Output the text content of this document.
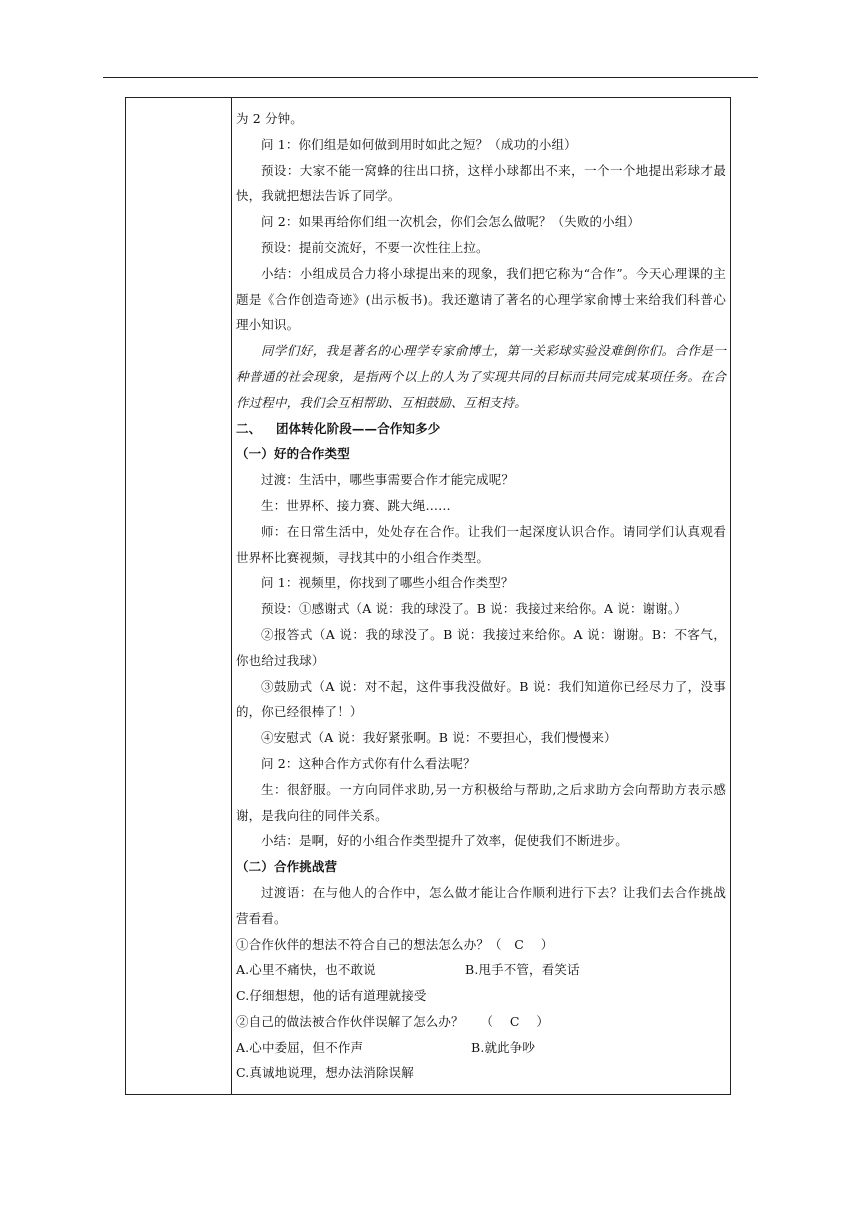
为 2 分钟。

问 1：你们组是如何做到用时如此之短？（成功的小组）

预设：大家不能一窝蜂的往出口挤，这样小球都出不来，一个一个地提出彩球才最快，我就把想法告诉了同学。

问 2：如果再给你们组一次机会，你们会怎么做呢？（失败的小组）

预设：提前交流好，不要一次性往上拉。

小结：小组成员合力将小球提出来的现象，我们把它称为“合作”。今天心理课的主题是《合作创造奇迹》(出示板书)。我还邀请了著名的心理学家俞博士来给我们科普心理小知识。

同学们好，我是著名的心理学专家俞博士，第一关彩球实验没难倒你们。合作是一种普通的社会现象，是指两个以上的人为了实现共同的目标而共同完成某项任务。在合作过程中，我们会互相帮助、互相鼓励、互相支持。

二、 团体转化阶段——合作知多少

（一）好的合作类型

过渡：生活中，哪些事需要合作才能完成呢？

生：世界杯、接力赛、跳大绳……

师：在日常生活中，处处存在合作。让我们一起深度认识合作。请同学们认真观看世界杯比赛视频，寻找其中的小组合作类型。

问 1：视频里，你找到了哪些小组合作类型？

预设：①感谢式（A 说：我的球没了。B 说：我接过来给你。A 说：谢谢。）

②报答式（A 说：我的球没了。B 说：我接过来给你。A 说：谢谢。B：不客气，你也给过我球）

③鼓励式（A 说：对不起，这件事我没做好。B 说：我们知道你已经尽力了，没事的，你已经很棒了！）

④安慰式（A 说：我好紧张啊。B 说：不要担心，我们慢慢来）

问 2：这种合作方式你有什么看法呢？

生：很舒服。一方向同伴求助,另一方积极给与帮助,之后求助方会向帮助方表示感谢，是我向往的同伴关系。

小结：是啊，好的小组合作类型提升了效率，促使我们不断进步。

（二）合作挑战营

过渡语：在与他人的合作中，怎么做才能让合作顺利进行下去？让我们去合作挑战营看看。

①合作伙伴的想法不符合自己的想法怎么办？（　C　 ）

A.心里不痛快，也不敢说	B.甩手不管，看笑话

C.仔细想想，他的话有道理就接受

②自己的做法被合作伙伴误解了怎么办？　 （　 C　 ）

A.心中委屈，但不作声	B.就此争吵

C.真诚地说理，想办法消除误解
